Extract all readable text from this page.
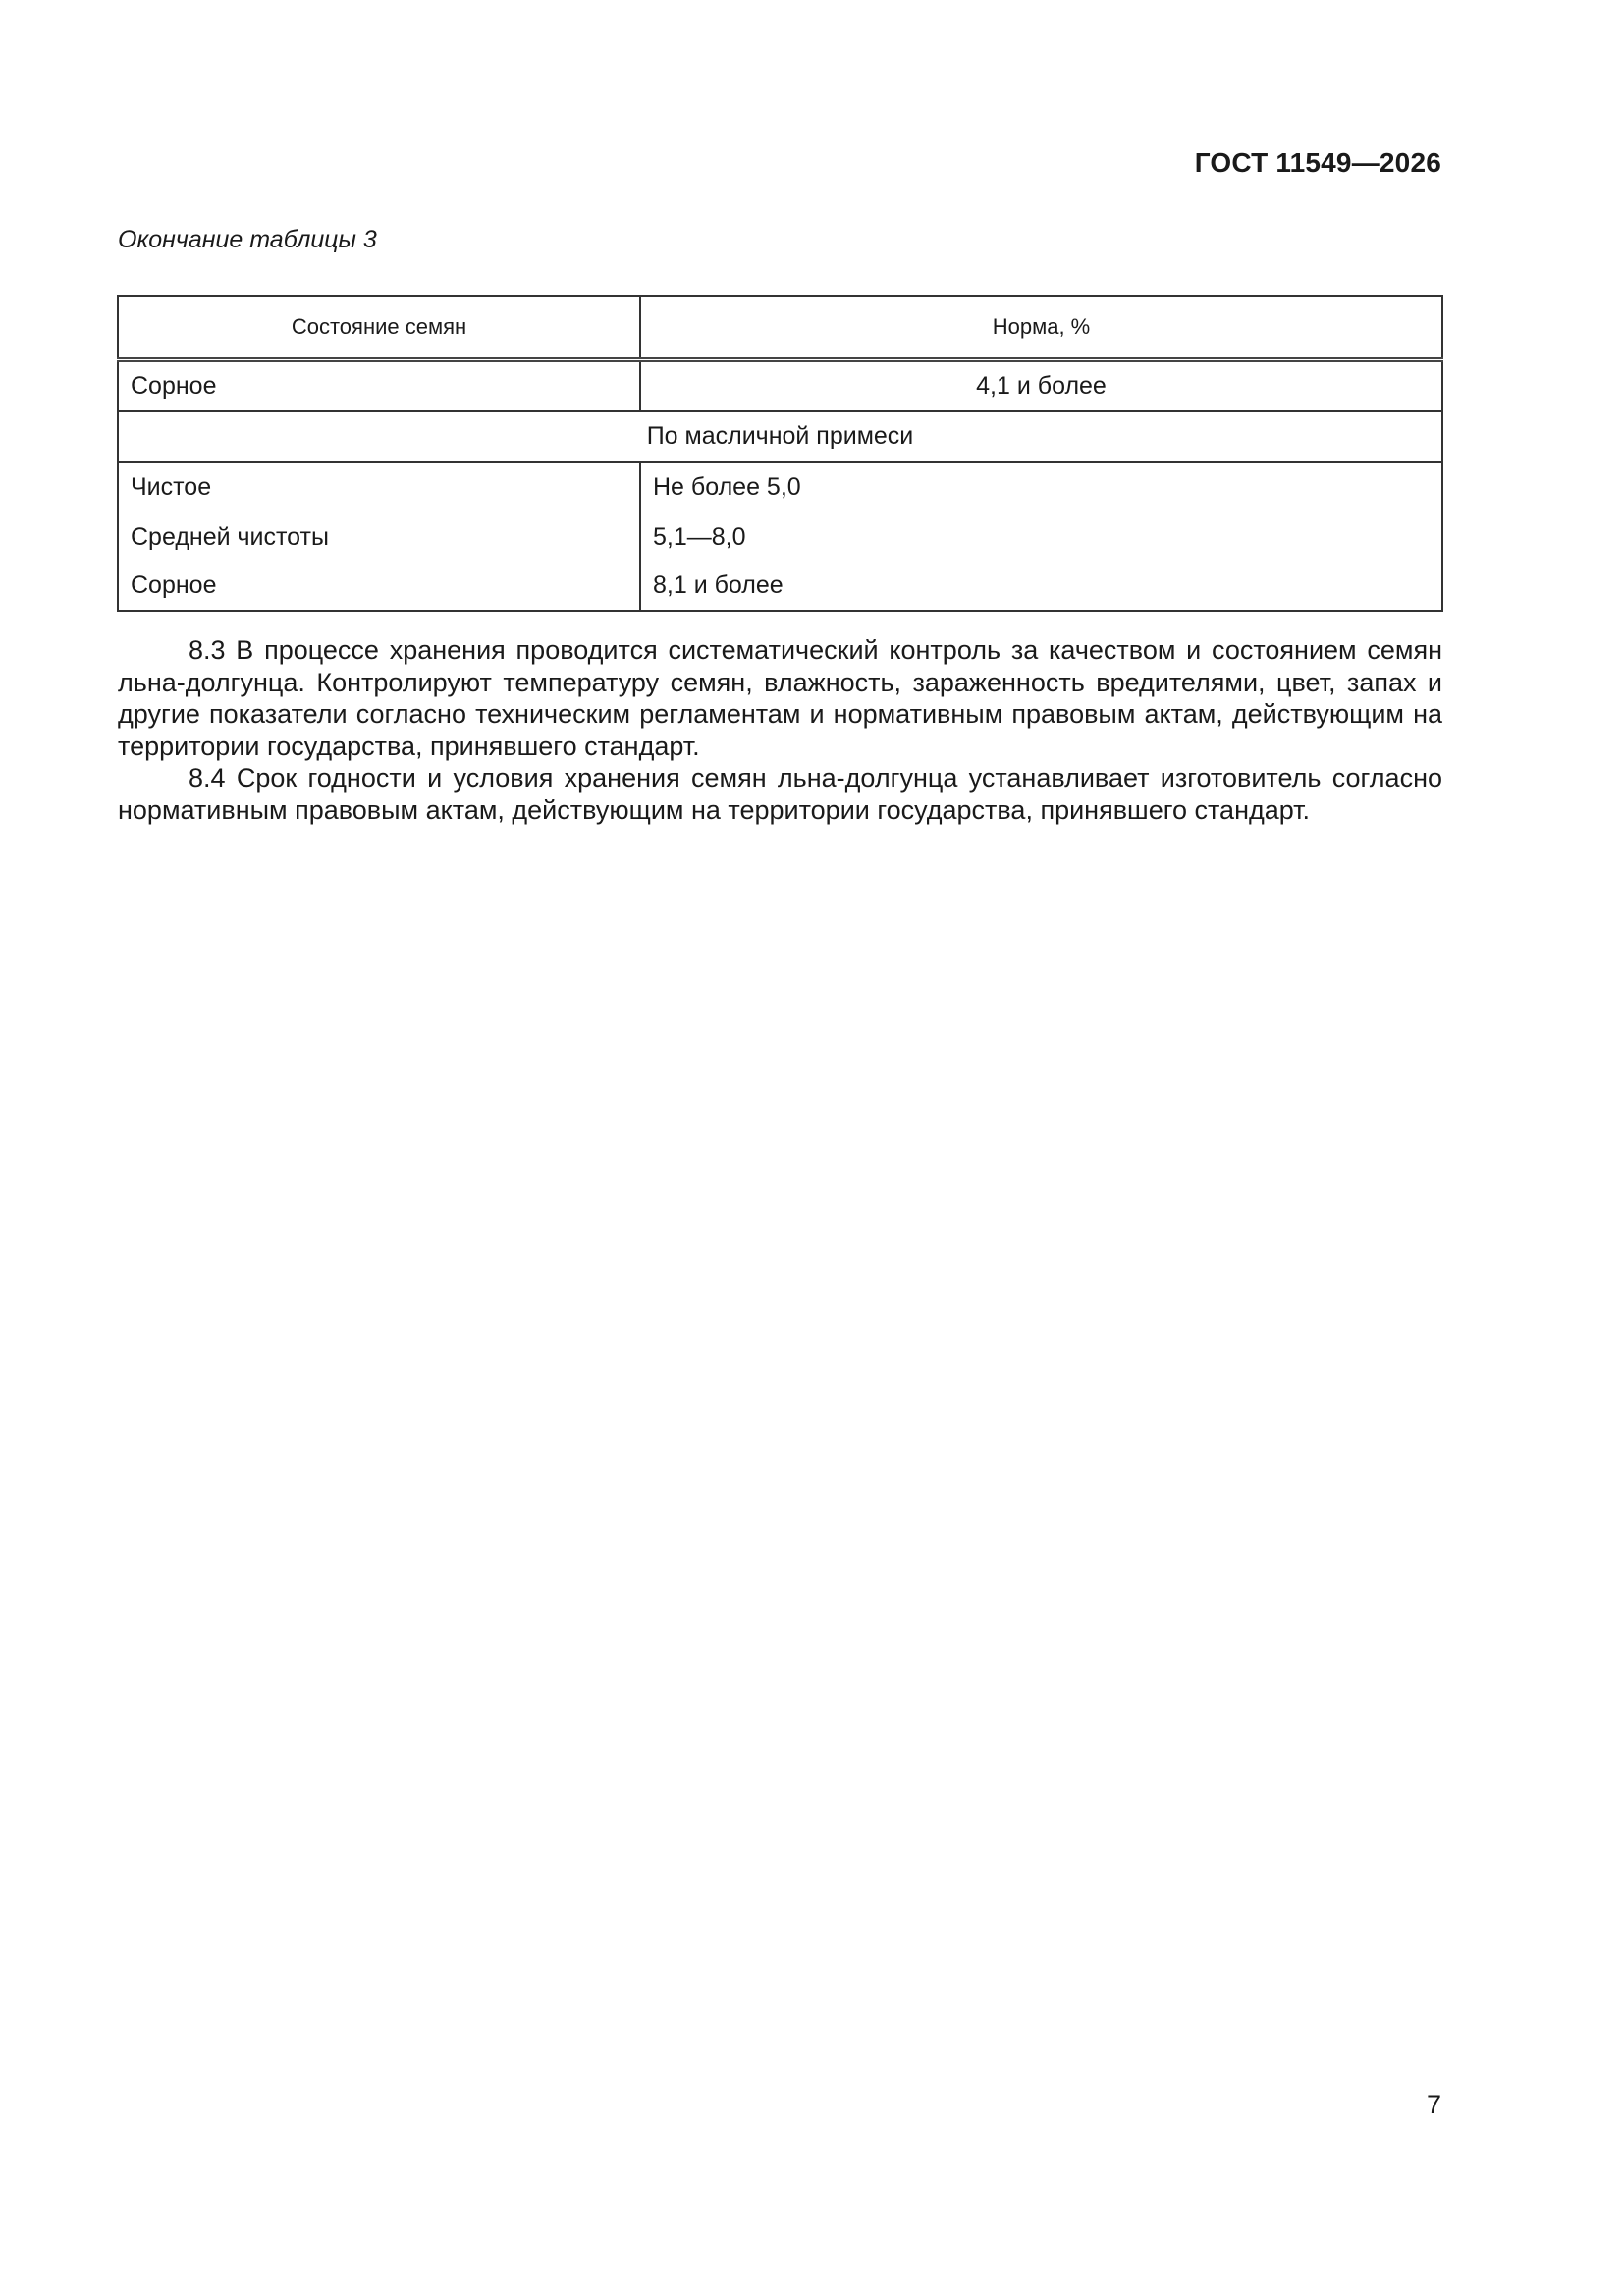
ГОСТ 11549—2026
Окончание таблицы 3
Состояние семян	Норма, %
Сорное	4,1 и более
По масличной примеси	
Чистое	Не более 5,0
Средней чистоты	5,1—8,0
Сорное	8,1 и более

8.3 В процессе хранения проводится систематический контроль за качеством и состоянием семян льна-долгунца. Контролируют температуру семян, влажность, зараженность вредителями, цвет, запах и другие показатели согласно техническим регламентам и нормативным правовым актам, действующим на территории государства, принявшего стандарт.

8.4 Срок годности и условия хранения семян льна-долгунца устанавливает изготовитель согласно нормативным правовым актам, действующим на территории государства, принявшего стандарт.

7
